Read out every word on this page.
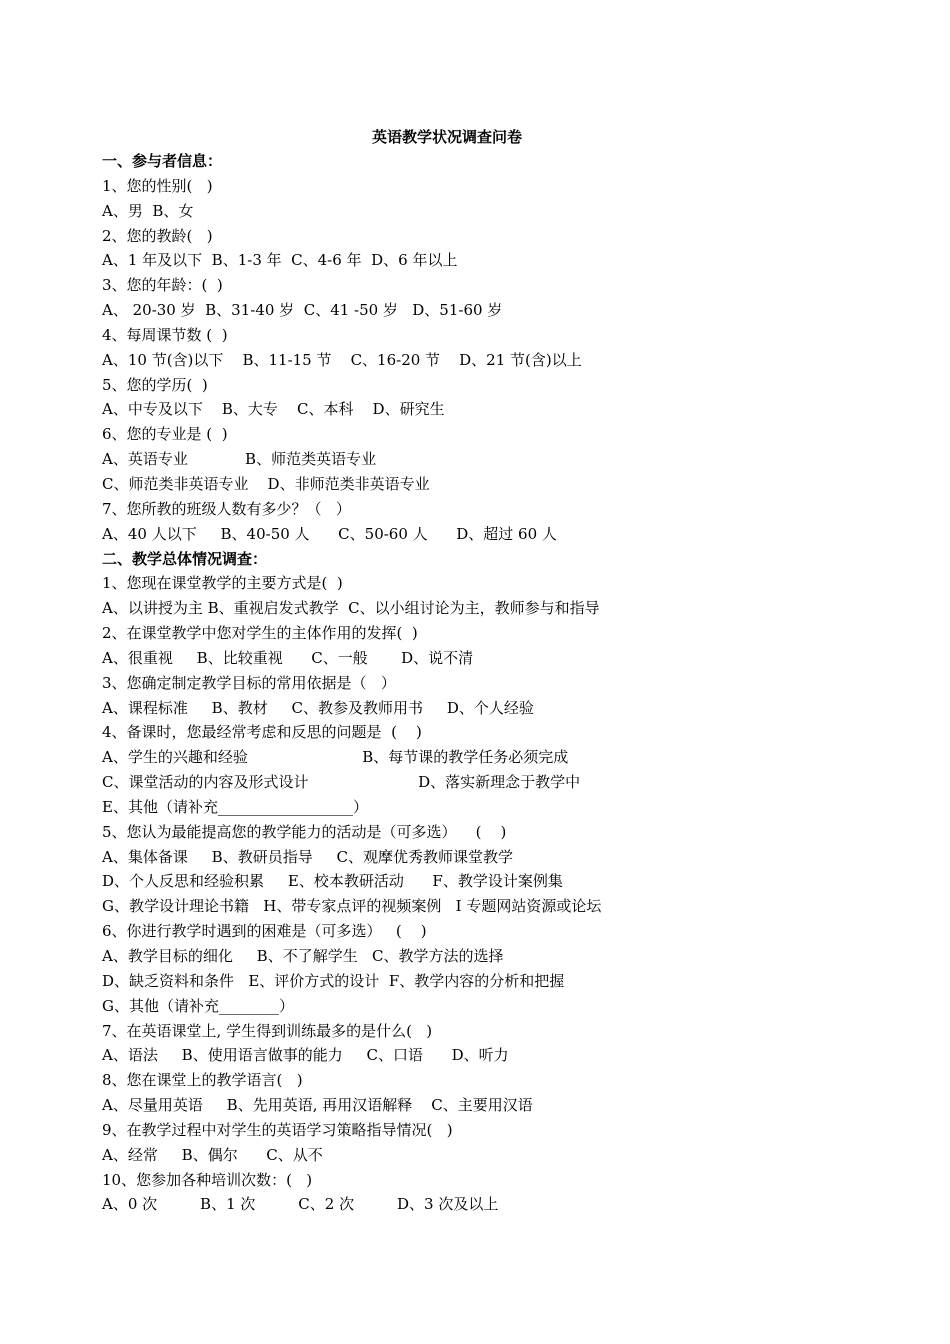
英语教学状况调查问卷
一、参与者信息：
1、您的性别(   )
A、男  B、女
2、您的教龄(   )
A、1 年及以下  B、1-3 年  C、4-6 年  D、6 年以上
3、您的年龄：(  )
A、 20-30 岁  B、31-40 岁  C、41 -50 岁   D、51-60 岁
4、每周课节数 (  )
A、10 节(含)以下    B、11-15 节    C、16-20 节    D、21 节(含)以上
5、您的学历(  )
A、中专及以下    B、大专    C、本科    D、研究生
6、您的专业是 (  )
A、英语专业            B、师范类英语专业
C、师范类非英语专业    D、非师范类非英语专业
7、您所教的班级人数有多少？（   ）
A、40 人以下     B、40-50 人      C、50-60 人      D、超过 60 人
二、教学总体情况调查：
1、您现在课堂教学的主要方式是(  )
A、以讲授为主 B、重视启发式教学  C、以小组讨论为主，教师参与和指导
2、在课堂教学中您对学生的主体作用的发挥(  )
A、很重视     B、比较重视      C、一般       D、说不清
3、您确定制定教学目标的常用依据是（   ）
A、课程标准     B、教材     C、教参及教师用书     D、个人经验
4、备课时，您最经常考虑和反思的问题是  (    )
A、学生的兴趣和经验                        B、每节课的教学任务必须完成
C、课堂活动的内容及形式设计                       D、落实新理念于教学中
E、其他（请补充__________________）
5、您认为最能提高您的教学能力的活动是（可多选）    (    )
A、集体备课     B、教研员指导     C、观摩优秀教师课堂教学
D、个人反思和经验积累     E、校本教研活动      F、教学设计案例集
G、教学设计理论书籍   H、带专家点评的视频案例   I 专题网站资源或论坛
6、你进行教学时遇到的困难是（可多选）   (    )
A、教学目标的细化     B、不了解学生   C、教学方法的选择
D、缺乏资料和条件   E、评价方式的设计  F、教学内容的分析和把握
G、其他（请补充________）
7、在英语课堂上, 学生得到训练最多的是什么(   )
A、语法     B、使用语言做事的能力     C、口语      D、听力
8、您在课堂上的教学语言(   )
A、尽量用英语     B、先用英语, 再用汉语解释    C、主要用汉语
9、在教学过程中对学生的英语学习策略指导情况(   )
A、经常     B、偶尔      C、从不
10、您参加各种培训次数：(   )
A、0 次         B、1 次         C、2 次         D、3 次及以上
